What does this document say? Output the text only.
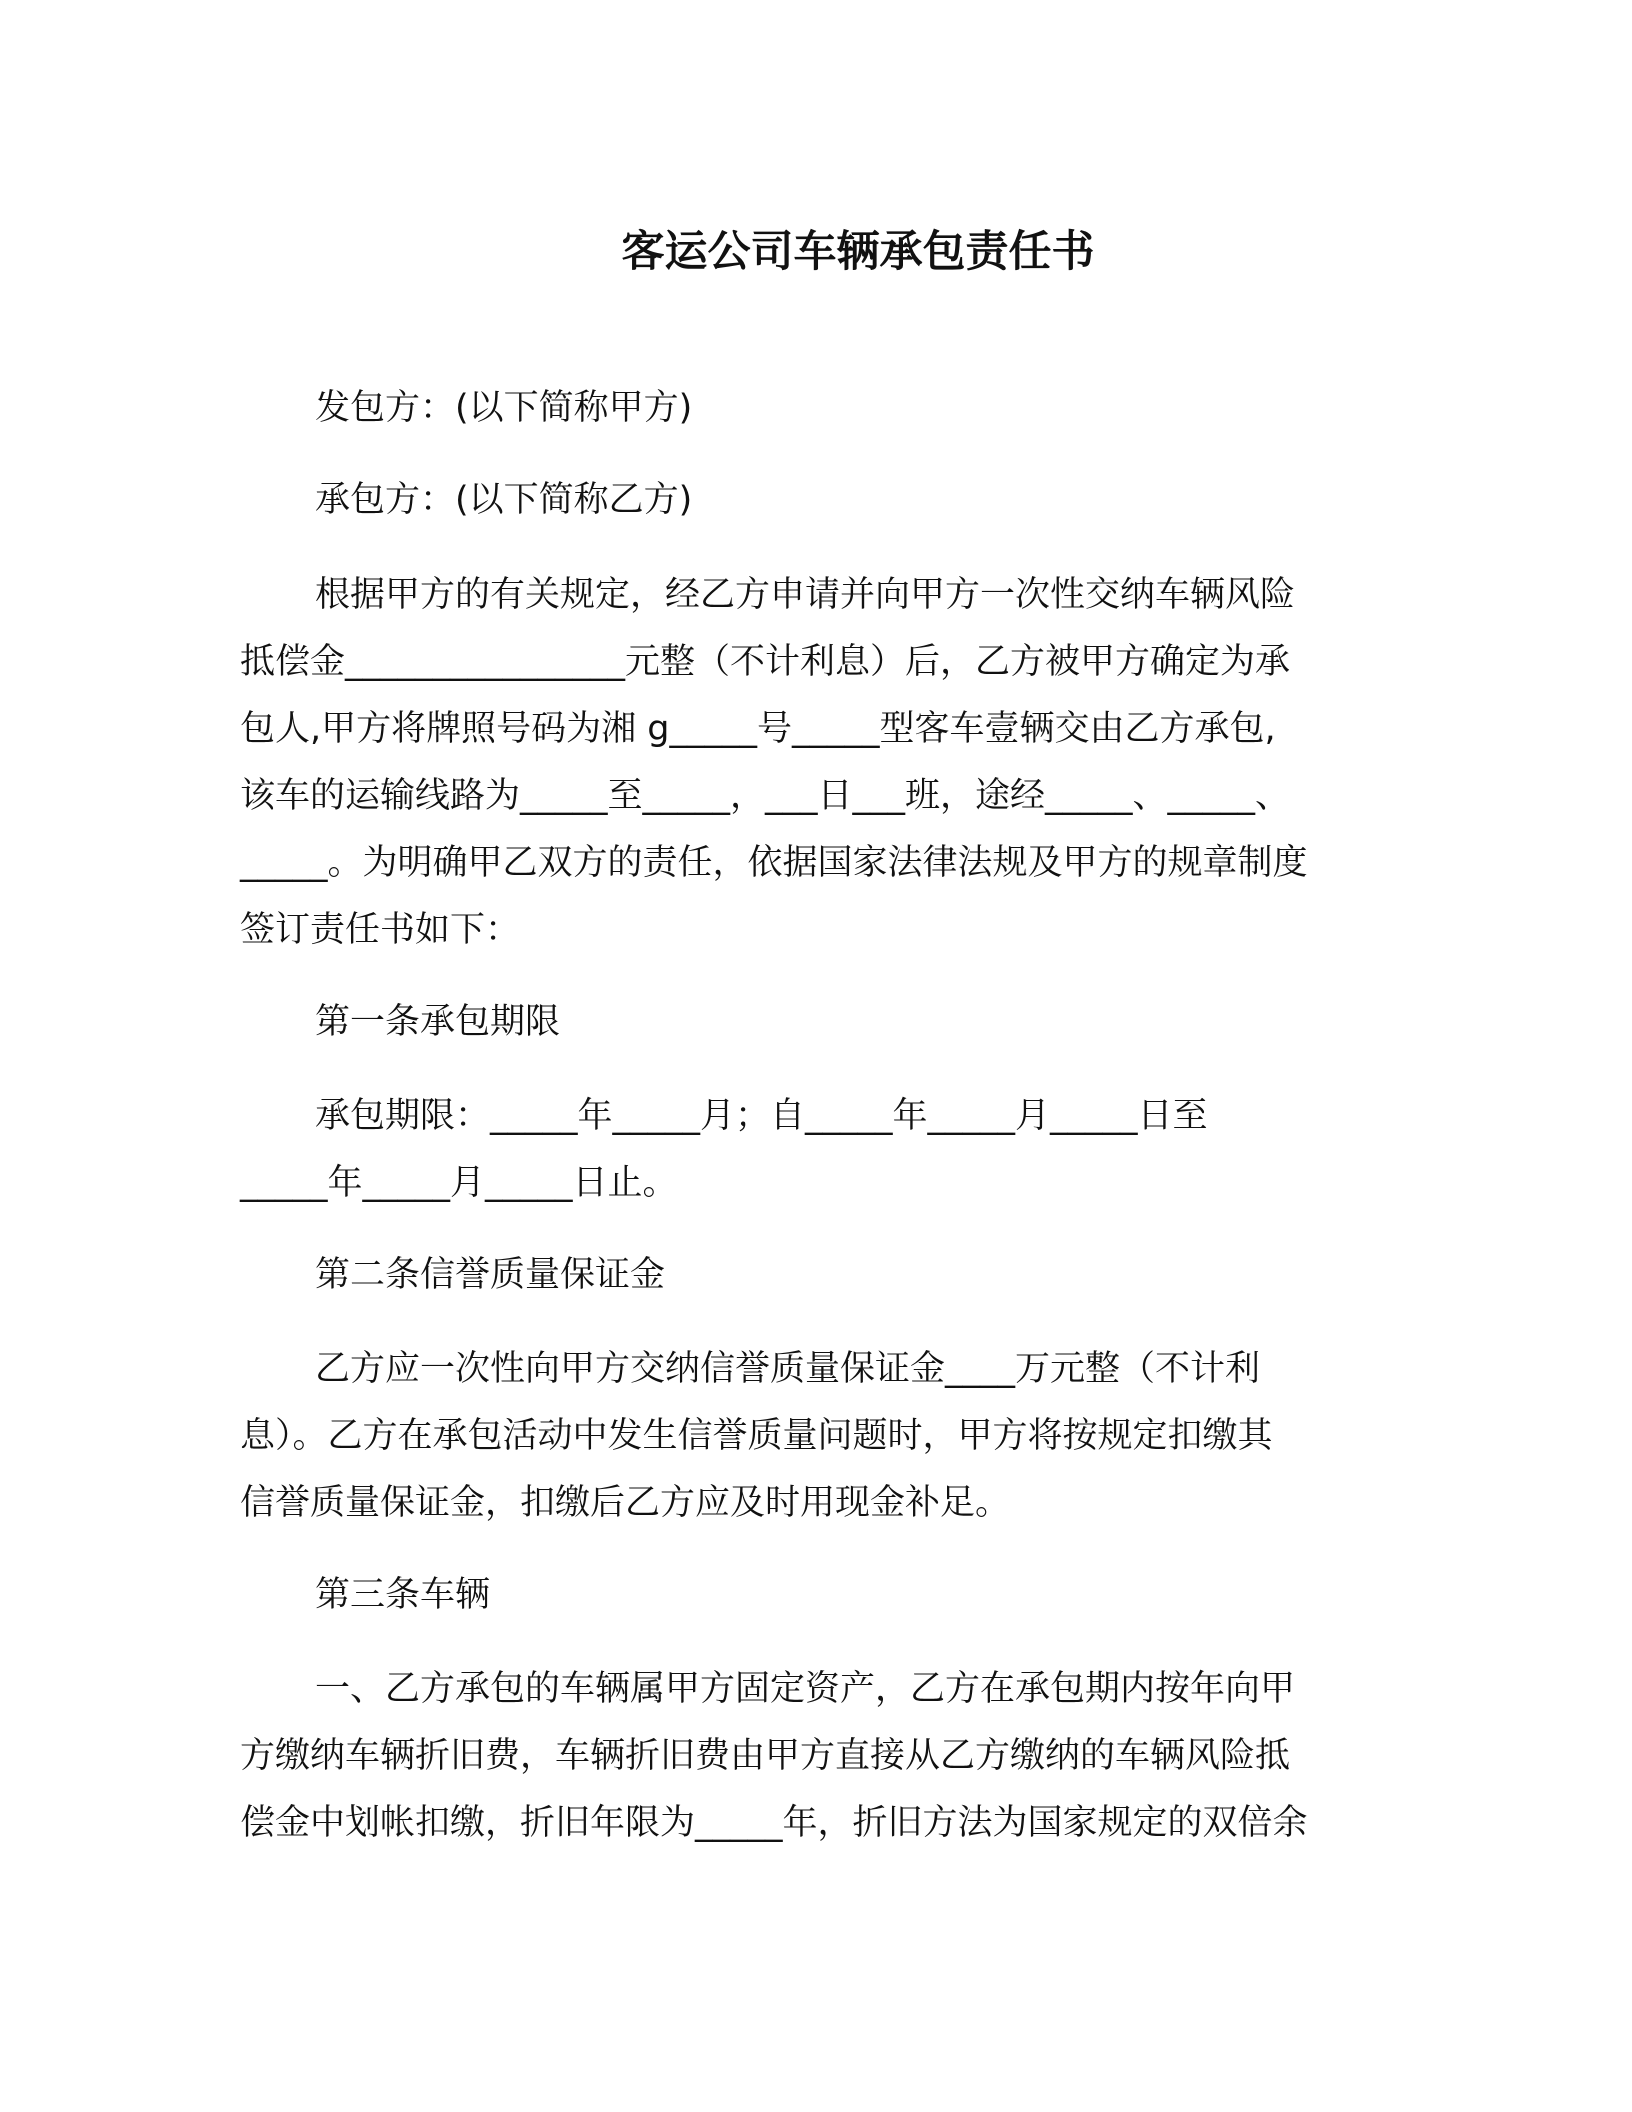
客运公司车辆承包责任书
发包方：(以下简称甲方)
承包方：(以下简称乙方)
根据甲方的有关规定，经乙方申请并向甲方一次性交纳车辆风险
抵偿金________________元整（不计利息）后，乙方被甲方确定为承
包人,甲方将牌照号码为湘 g_____号_____型客车壹辆交由乙方承包,
该车的运输线路为_____至_____，___日___班，途经_____、_____、
_____。为明确甲乙双方的责任，依据国家法律法规及甲方的规章制度
签订责任书如下：
第一条承包期限
承包期限：_____年_____月；自_____年_____月_____日至
_____年_____月_____日止。
第二条信誉质量保证金
乙方应一次性向甲方交纳信誉质量保证金____万元整（不计利
息）。乙方在承包活动中发生信誉质量问题时，甲方将按规定扣缴其
信誉质量保证金，扣缴后乙方应及时用现金补足。
第三条车辆
一、乙方承包的车辆属甲方固定资产，乙方在承包期内按年向甲
方缴纳车辆折旧费，车辆折旧费由甲方直接从乙方缴纳的车辆风险抵
偿金中划帐扣缴，折旧年限为_____年，折旧方法为国家规定的双倍余
